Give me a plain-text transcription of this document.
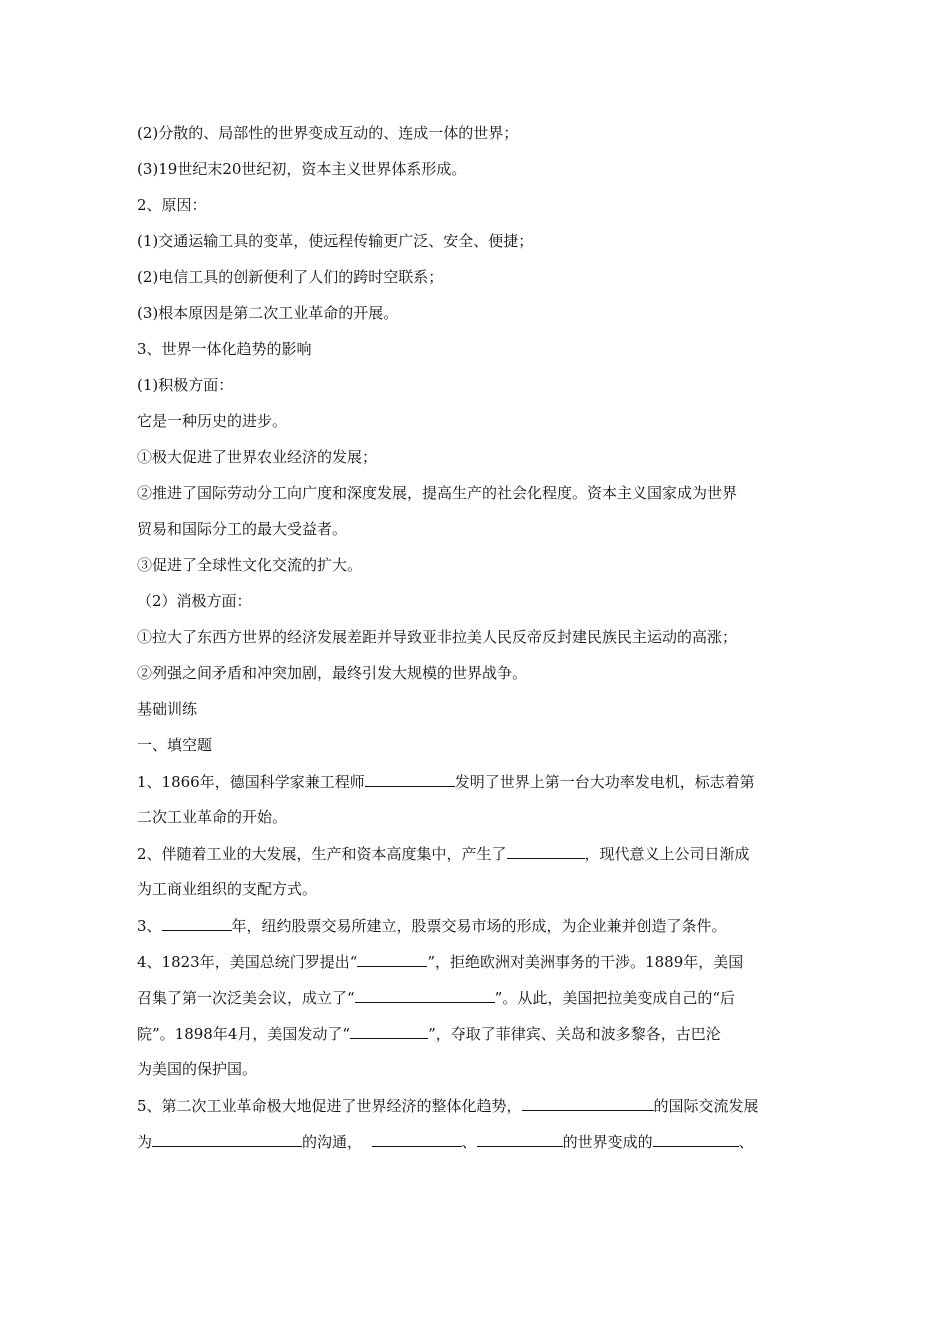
(2)分散的、局部性的世界变成互动的、连成一体的世界；
(3)19世纪末20世纪初，资本主义世界体系形成。
2、原因：
(1)交通运输工具的变革，使远程传输更广泛、安全、便捷；
(2)电信工具的创新便利了人们的跨时空联系；
(3)根本原因是第二次工业革命的开展。
3、世界一体化趋势的影响
(1)积极方面：
它是一种历史的进步。
①极大促进了世界农业经济的发展；
②推进了国际劳动分工向广度和深度发展，提高生产的社会化程度。资本主义国家成为世界
贸易和国际分工的最大受益者。
③促进了全球性文化交流的扩大。
（2）消极方面：
①拉大了东西方世界的经济发展差距并导致亚非拉美人民反帝反封建民族民主运动的高涨；
②列强之间矛盾和冲突加剧，最终引发大规模的世界战争。
基础训练
一、填空题
1、1866年，德国科学家兼工程师	发明了世界上第一台大功率发电机，标志着第
二次工业革命的开始。
2、伴随着工业的大发展，生产和资本高度集中，产生了	，现代意义上公司日渐成
为工商业组织的支配方式。
3、	年，纽约股票交易所建立，股票交易市场的形成，为企业兼并创造了条件。
4、1823年，美国总统门罗提出“	”，拒绝欧洲对美洲事务的干涉。1889年，美国
召集了第一次泛美会议，成立了“	”。从此，美国把拉美变成自己的“后
院”。1898年4月，美国发动了“	”，夺取了菲律宾、关岛和波多黎各，古巴沦
为美国的保护国。
5、第二次工业革命极大地促进了世界经济的整体化趋势，	的国际交流发展
为	的沟通，	、	的世界变成的	、
